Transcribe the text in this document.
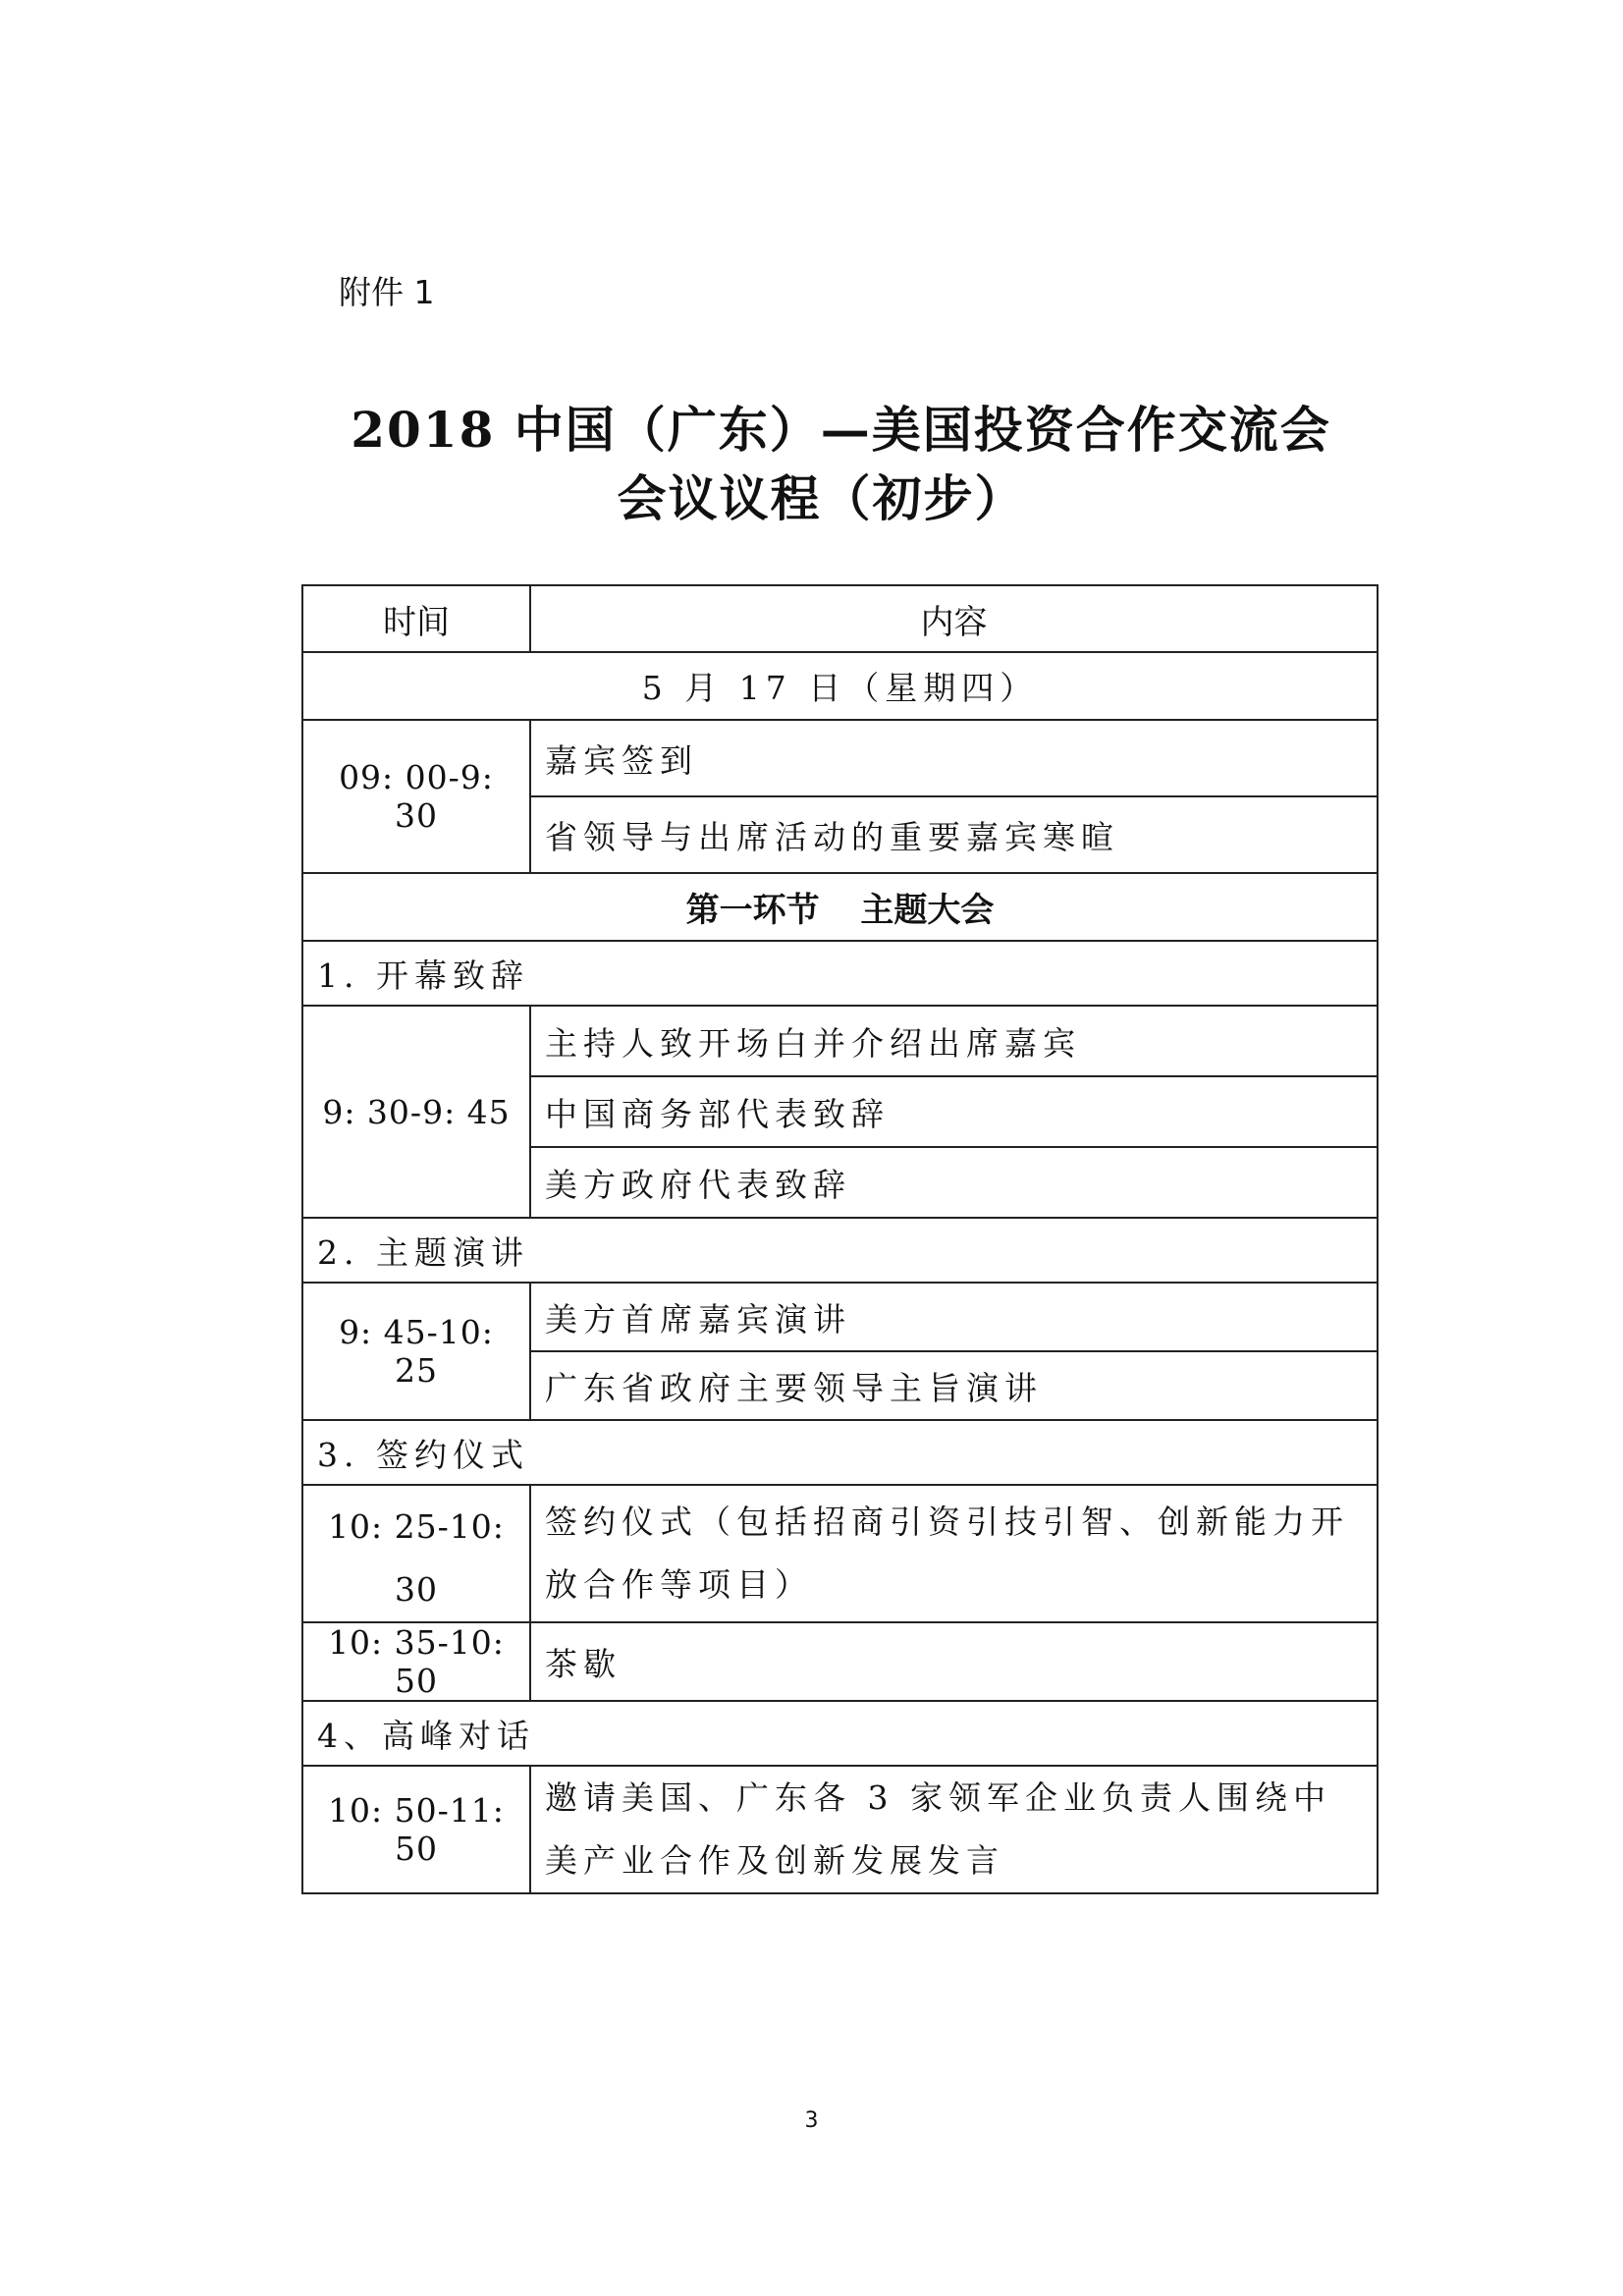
附件 1
2018 中国（广东）—美国投资合作交流会
会议议程（初步）
时间	内容
5 月 17 日（星期四）	
09: 00-9: 30	嘉宾签到
	省领导与出席活动的重要嘉宾寒暄
第一环节 主题大会	
1. 开幕致辞	
9: 30-9: 45	主持人致开场白并介绍出席嘉宾
	中国商务部代表致辞
	美方政府代表致辞
2. 主题演讲	
9: 45-10: 25	美方首席嘉宾演讲
	广东省政府主要领导主旨演讲
3. 签约仪式	
10: 25-10: 30	签约仪式（包括招商引资引技引智、创新能力开放合作等项目）
10: 35-10: 50	茶歇
4、高峰对话	
10: 50-11: 50	邀请美国、广东各 3 家领军企业负责人围绕中美产业合作及创新发展发言
3
